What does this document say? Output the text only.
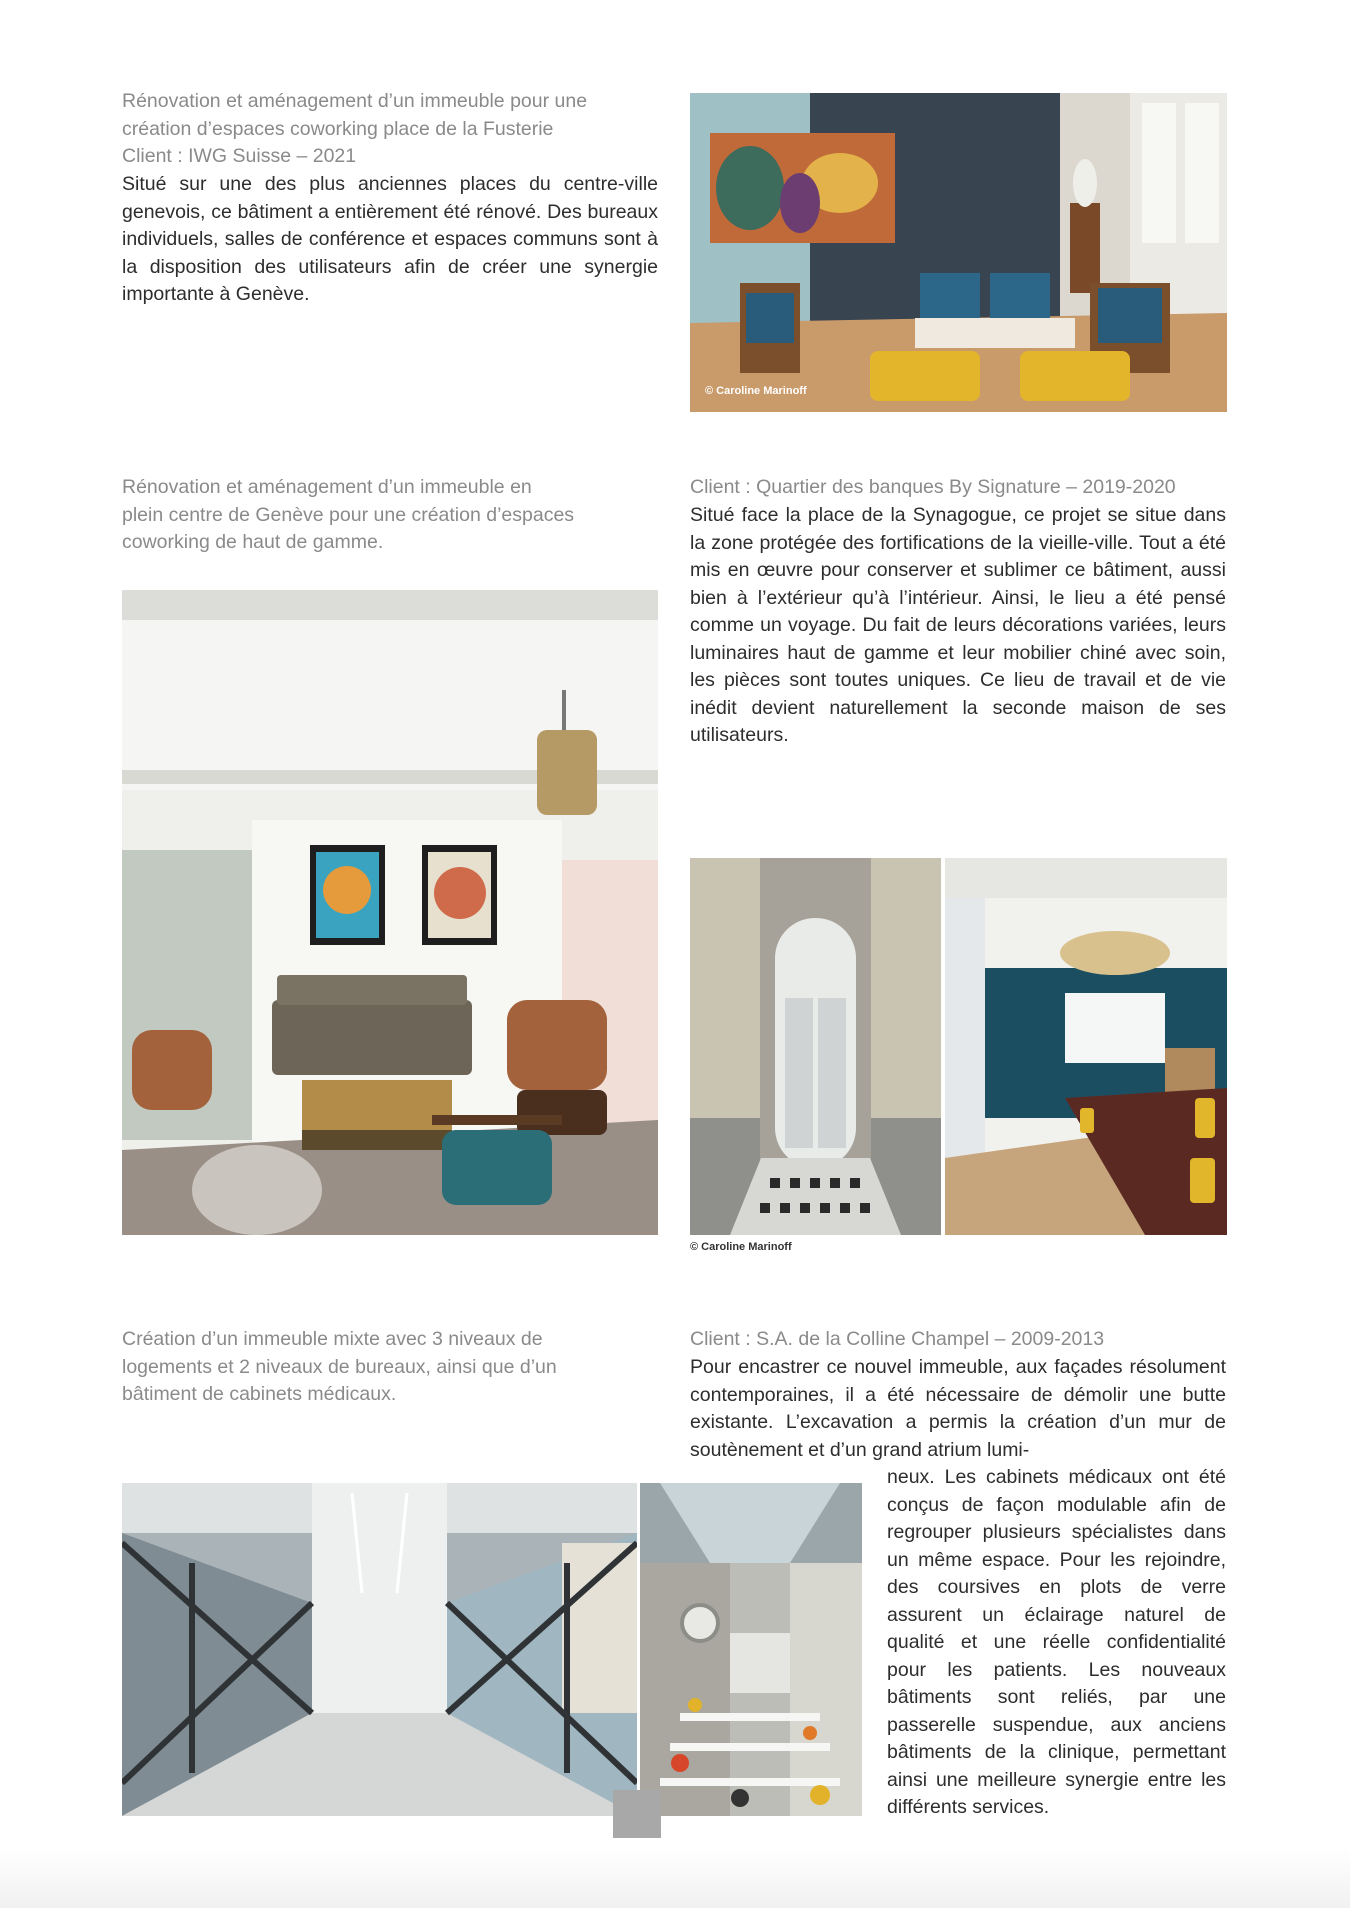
Rénovation et aménagement d’un immeuble pour une
création d’espaces coworking place de la Fusterie
Client : IWG Suisse – 2021
Situé sur une des plus anciennes places du centre-ville genevois, ce bâtiment a entièrement été rénové. Des bureaux individuels, salles de conférence et espaces communs sont à la disposition des utilisateurs afin de créer une synergie importante à Genève.
© Caroline Marinoff
Rénovation et aménagement d’un immeuble en
plein centre de Genève pour une création d’espaces
coworking de haut de gamme.
Client : Quartier des banques By Signature – 2019-2020
Situé face la place de la Synagogue, ce projet se situe dans la zone protégée des fortifications de la vieille-ville. Tout a été mis en œuvre pour conserver et sublimer ce bâtiment, aussi bien à l’extérieur qu’à l’intérieur. Ainsi, le lieu a été pensé comme un voyage. Du fait de leurs décorations variées, leurs luminaires haut de gamme et leur mobilier chiné avec soin, les pièces sont toutes uniques. Ce lieu de travail et de vie inédit devient naturellement la seconde maison de ses utilisateurs.
© Caroline Marinoff
Création d’un immeuble mixte avec 3 niveaux de
logements et 2 niveaux de bureaux, ainsi que d’un
bâtiment de cabinets médicaux.
Client : S.A. de la Colline Champel – 2009-2013
Pour encastrer ce nouvel immeuble, aux façades résolument contemporaines, il a été nécessaire de démolir une butte existante. L’excavation a permis la création d’un mur de soutènement et d’un grand atrium lumi-
neux. Les cabinets médicaux ont été conçus de façon modulable afin de regrouper plusieurs spécialistes dans un même espace. Pour les rejoindre, des coursives en plots de verre assurent un éclairage naturel de qualité et une réelle confidentialité pour les patients. Les nouveaux bâtiments sont reliés, par une passerelle suspendue, aux anciens bâtiments de la clinique, permettant ainsi une meilleure synergie entre les différents services.
